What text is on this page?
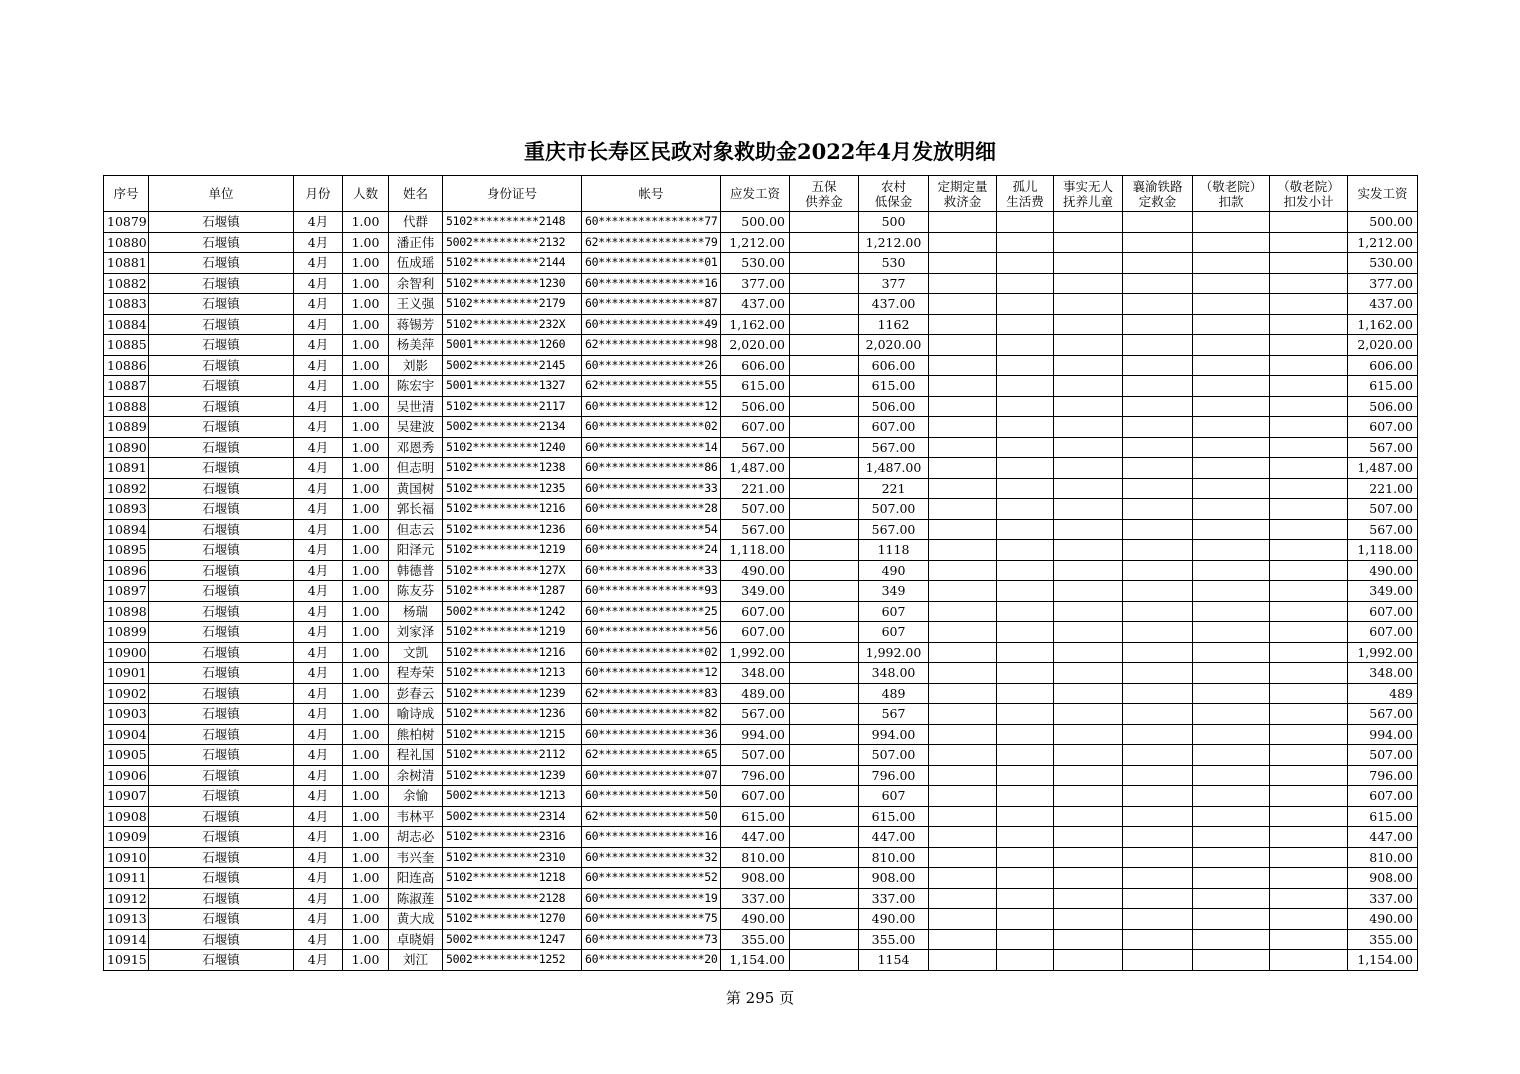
重庆市长寿区民政对象救助金2022年4月发放明细
序号	单位	月份	人数	姓名	身份证号	帐号	应发工资	五保
供养金	农村
低保金	定期定量
救济金	孤儿
生活费	事实无人
抚养儿童	襄渝铁路
定救金	（敬老院）
扣款	（敬老院）
扣发小计	实发工资
10879	石堰镇	4月	1.00	代群	5102**********2148	60****************77	500.00		500							500.00
10880	石堰镇	4月	1.00	潘正伟	5002**********2132	62****************79	1,212.00		1,212.00							1,212.00
10881	石堰镇	4月	1.00	伍成瑶	5102**********2144	60****************01	530.00		530							530.00
10882	石堰镇	4月	1.00	余智利	5102**********1230	60****************16	377.00		377							377.00
10883	石堰镇	4月	1.00	王义强	5102**********2179	60****************87	437.00		437.00							437.00
10884	石堰镇	4月	1.00	蒋锡芳	5102**********232X	60****************49	1,162.00		1162							1,162.00
10885	石堰镇	4月	1.00	杨美萍	5001**********1260	62****************98	2,020.00		2,020.00							2,020.00
10886	石堰镇	4月	1.00	刘影	5002**********2145	60****************26	606.00		606.00							606.00
10887	石堰镇	4月	1.00	陈宏宇	5001**********1327	62****************55	615.00		615.00							615.00
10888	石堰镇	4月	1.00	吴世清	5102**********2117	60****************12	506.00		506.00							506.00
10889	石堰镇	4月	1.00	吴建波	5002**********2134	60****************02	607.00		607.00							607.00
10890	石堰镇	4月	1.00	邓恩秀	5102**********1240	60****************14	567.00		567.00							567.00
10891	石堰镇	4月	1.00	但志明	5102**********1238	60****************86	1,487.00		1,487.00							1,487.00
10892	石堰镇	4月	1.00	黄国树	5102**********1235	60****************33	221.00		221							221.00
10893	石堰镇	4月	1.00	郭长福	5102**********1216	60****************28	507.00		507.00							507.00
10894	石堰镇	4月	1.00	但志云	5102**********1236	60****************54	567.00		567.00							567.00
10895	石堰镇	4月	1.00	阳泽元	5102**********1219	60****************24	1,118.00		1118							1,118.00
10896	石堰镇	4月	1.00	韩德普	5102**********127X	60****************33	490.00		490							490.00
10897	石堰镇	4月	1.00	陈友芬	5102**********1287	60****************93	349.00		349							349.00
10898	石堰镇	4月	1.00	杨瑞	5002**********1242	60****************25	607.00		607							607.00
10899	石堰镇	4月	1.00	刘家泽	5102**********1219	60****************56	607.00		607							607.00
10900	石堰镇	4月	1.00	文凯	5102**********1216	60****************02	1,992.00		1,992.00							1,992.00
10901	石堰镇	4月	1.00	程寿荣	5102**********1213	60****************12	348.00		348.00							348.00
10902	石堰镇	4月	1.00	彭春云	5102**********1239	62****************83	489.00		489							489
10903	石堰镇	4月	1.00	喻诗成	5102**********1236	60****************82	567.00		567							567.00
10904	石堰镇	4月	1.00	熊柏树	5102**********1215	60****************36	994.00		994.00							994.00
10905	石堰镇	4月	1.00	程礼国	5102**********2112	62****************65	507.00		507.00							507.00
10906	石堰镇	4月	1.00	余树清	5102**********1239	60****************07	796.00		796.00							796.00
10907	石堰镇	4月	1.00	余愉	5002**********1213	60****************50	607.00		607							607.00
10908	石堰镇	4月	1.00	韦林平	5002**********2314	62****************50	615.00		615.00							615.00
10909	石堰镇	4月	1.00	胡志必	5102**********2316	60****************16	447.00		447.00							447.00
10910	石堰镇	4月	1.00	韦兴奎	5102**********2310	60****************32	810.00		810.00							810.00
10911	石堰镇	4月	1.00	阳连高	5102**********1218	60****************52	908.00		908.00							908.00
10912	石堰镇	4月	1.00	陈淑莲	5102**********2128	60****************19	337.00		337.00							337.00
10913	石堰镇	4月	1.00	黄大成	5102**********1270	60****************75	490.00		490.00							490.00
10914	石堰镇	4月	1.00	卓晓娟	5002**********1247	60****************73	355.00		355.00							355.00
10915	石堰镇	4月	1.00	刘江	5002**********1252	60****************20	1,154.00		1154							1,154.00
第 295 页
